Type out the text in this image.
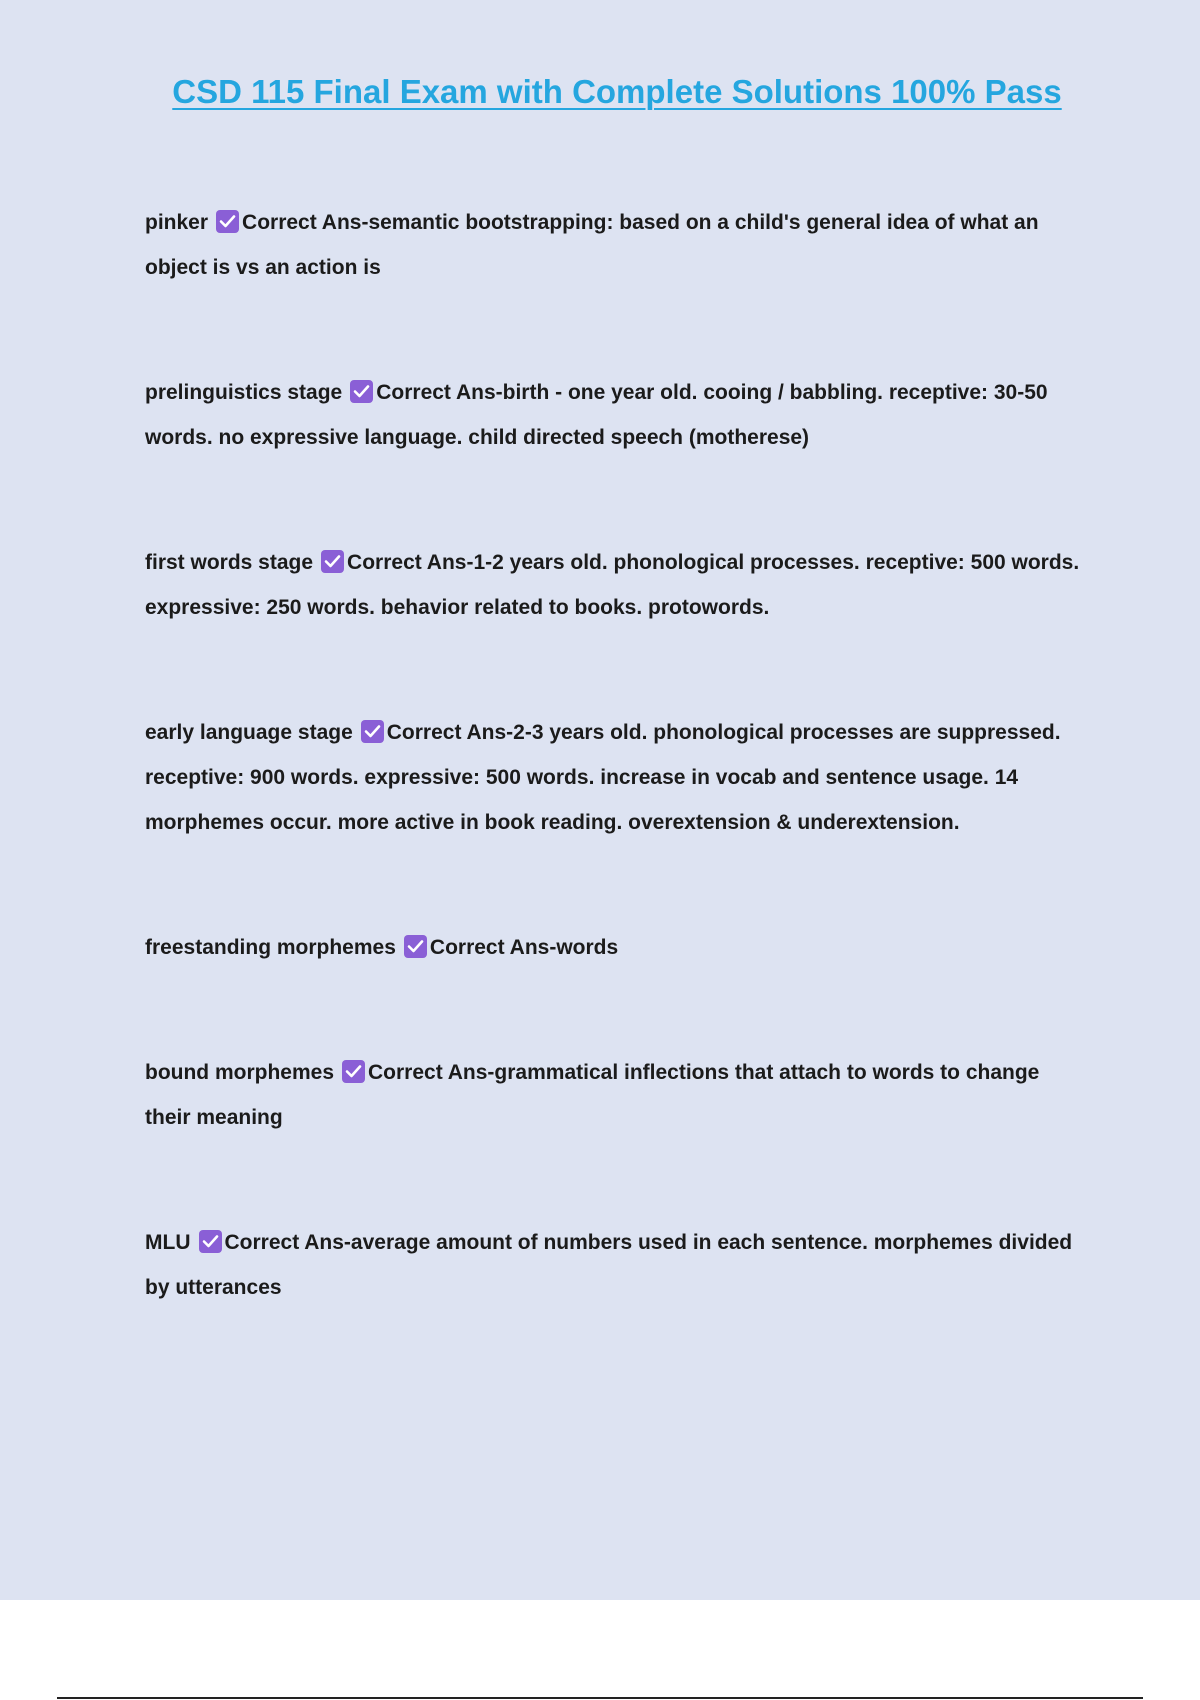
CSD 115 Final Exam with Complete Solutions 100% Pass

pinker Correct Ans-semantic bootstrapping: based on a child's general idea of what an object is vs an action is

prelinguistics stage Correct Ans-birth - one year old. cooing / babbling. receptive: 30-50 words. no expressive language. child directed speech (motherese)

first words stage Correct Ans-1-2 years old. phonological processes. receptive: 500 words. expressive: 250 words. behavior related to books. protowords.

early language stage Correct Ans-2-3 years old. phonological processes are suppressed. receptive: 900 words. expressive: 500 words. increase in vocab and sentence usage. 14 morphemes occur. more active in book reading. overextension & underextension.

freestanding morphemes Correct Ans-words

bound morphemes Correct Ans-grammatical inflections that attach to words to change their meaning

MLU Correct Ans-average amount of numbers used in each sentence. morphemes divided by utterances
